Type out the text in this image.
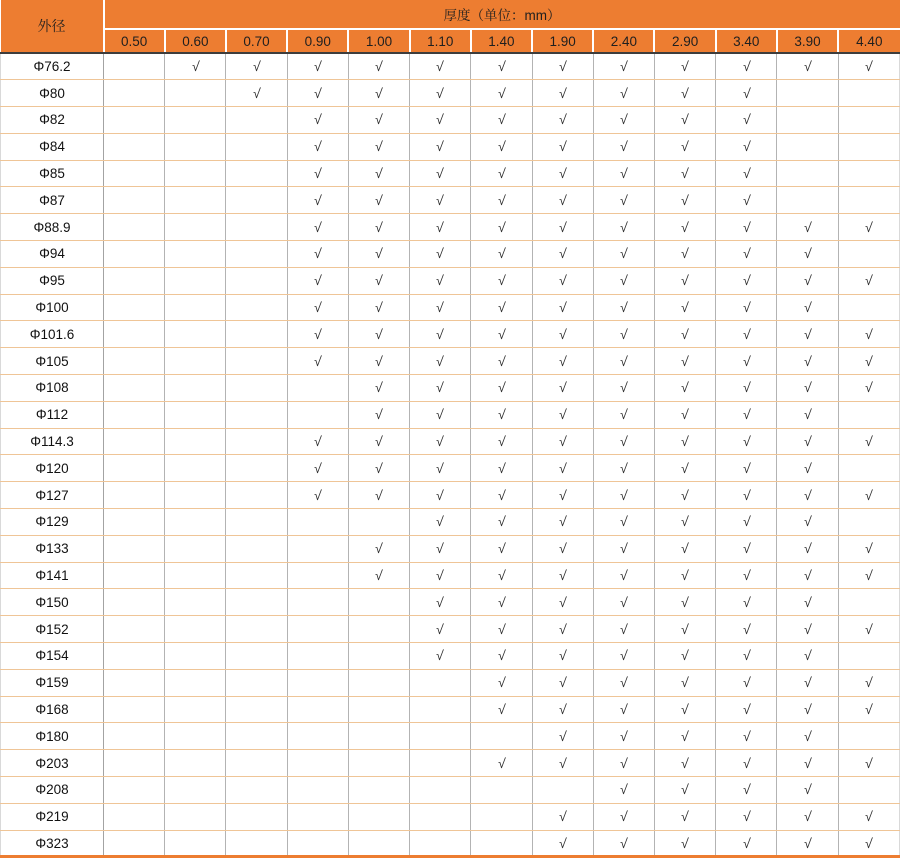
外径	厚度（单位：mm）												
	0.50	0.60	0.70	0.90	1.00	1.10	1.40	1.90	2.40	2.90	3.40	3.90	4.40
Φ76.2		√	√	√	√	√	√	√	√	√	√	√	√
Φ80			√	√	√	√	√	√	√	√	√		
Φ82				√	√	√	√	√	√	√	√		
Φ84				√	√	√	√	√	√	√	√		
Φ85				√	√	√	√	√	√	√	√		
Φ87				√	√	√	√	√	√	√	√		
Φ88.9				√	√	√	√	√	√	√	√	√	√
Φ94				√	√	√	√	√	√	√	√	√	
Φ95				√	√	√	√	√	√	√	√	√	√
Φ100				√	√	√	√	√	√	√	√	√	
Φ101.6				√	√	√	√	√	√	√	√	√	√
Φ105				√	√	√	√	√	√	√	√	√	√
Φ108					√	√	√	√	√	√	√	√	√
Φ112					√	√	√	√	√	√	√	√	
Φ114.3				√	√	√	√	√	√	√	√	√	√
Φ120				√	√	√	√	√	√	√	√	√	
Φ127				√	√	√	√	√	√	√	√	√	√
Φ129						√	√	√	√	√	√	√	
Φ133					√	√	√	√	√	√	√	√	√
Φ141					√	√	√	√	√	√	√	√	√
Φ150						√	√	√	√	√	√	√	
Φ152						√	√	√	√	√	√	√	√
Φ154						√	√	√	√	√	√	√	
Φ159							√	√	√	√	√	√	√
Φ168							√	√	√	√	√	√	√
Φ180								√	√	√	√	√	
Φ203							√	√	√	√	√	√	√
Φ208									√	√	√	√	
Φ219								√	√	√	√	√	√
Φ323								√	√	√	√	√	√
